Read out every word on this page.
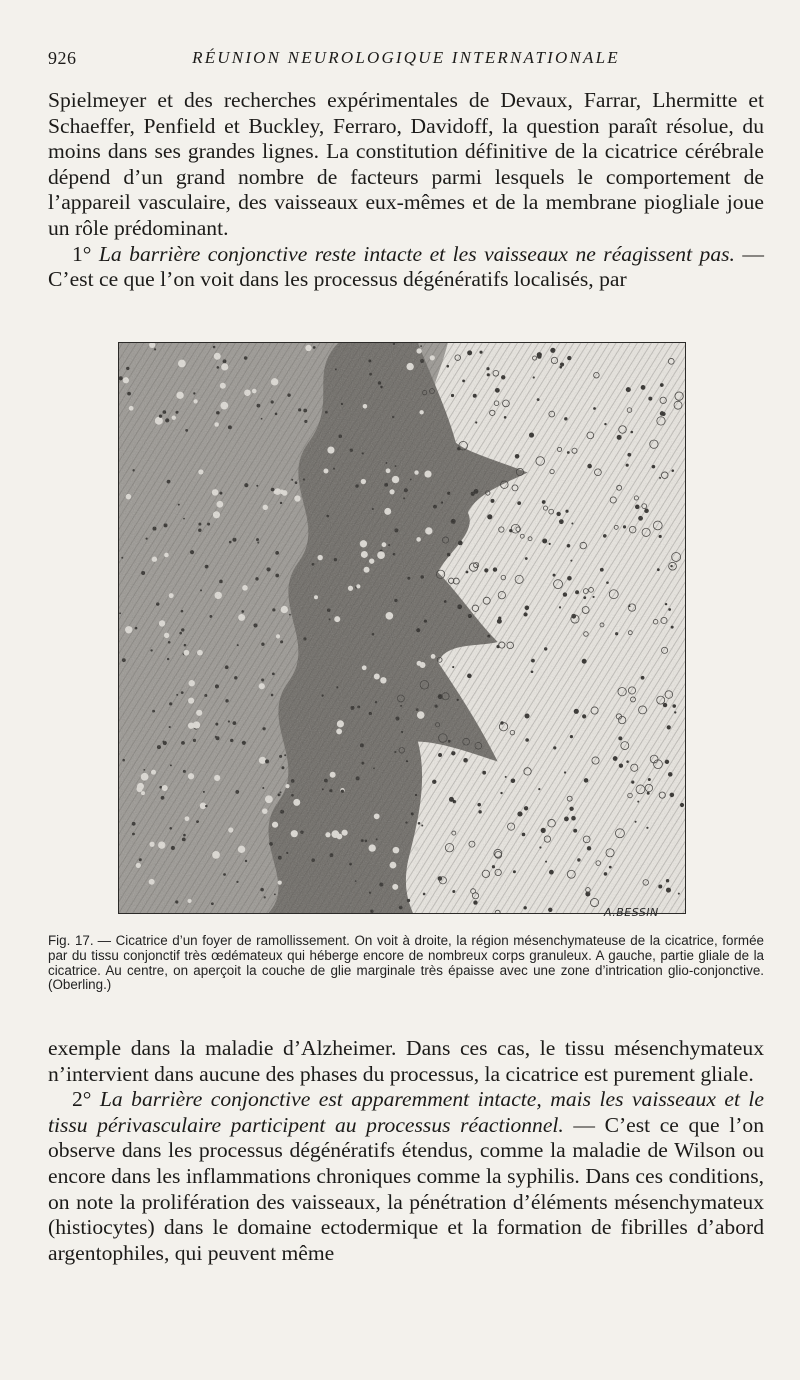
926	RÉUNION NEUROLOGIQUE INTERNATIONALE

Spielmeyer et des recherches expérimentales de Devaux, Farrar, Lhermitte et Schaeffer, Penfield et Buckley, Ferraro, Davidoff, la question paraît résolue, du moins dans ses grandes lignes. La constitution définitive de la cicatrice cérébrale dépend d’un grand nombre de facteurs parmi lesquels le comportement de l’appareil vasculaire, des vaisseaux eux-mêmes et de la membrane piogliale joue un rôle prédominant.

1° La barrière conjonctive reste intacte et les vaisseaux ne réagissent pas. — C’est ce que l’on voit dans les processus dégénératifs localisés, par

A.BESSIN
Fig. 17. — Cicatrice d’un foyer de ramollissement. On voit à droite, la région mésenchymateuse de la cicatrice, formée par du tissu conjonctif très œdémateux qui héberge encore de nombreux corps granuleux. A gauche, partie gliale de la cicatrice. Au centre, on aperçoit la couche de glie marginale très épaisse avec une zone d’intrication glio-conjonctive. (Oberling.)

exemple dans la maladie d’Alzheimer. Dans ces cas, le tissu mésenchymateux n’intervient dans aucune des phases du processus, la cicatrice est purement gliale.

2° La barrière conjonctive est apparemment intacte, mais les vaisseaux et le tissu périvasculaire participent au processus réactionnel. — C’est ce que l’on observe dans les processus dégénératifs étendus, comme la maladie de Wilson ou encore dans les inflammations chroniques comme la syphilis. Dans ces conditions, on note la prolifération des vaisseaux, la pénétration d’éléments mésenchymateux (histiocytes) dans le domaine ectodermique et la formation de fibrilles d’abord argentophiles, qui peuvent même
